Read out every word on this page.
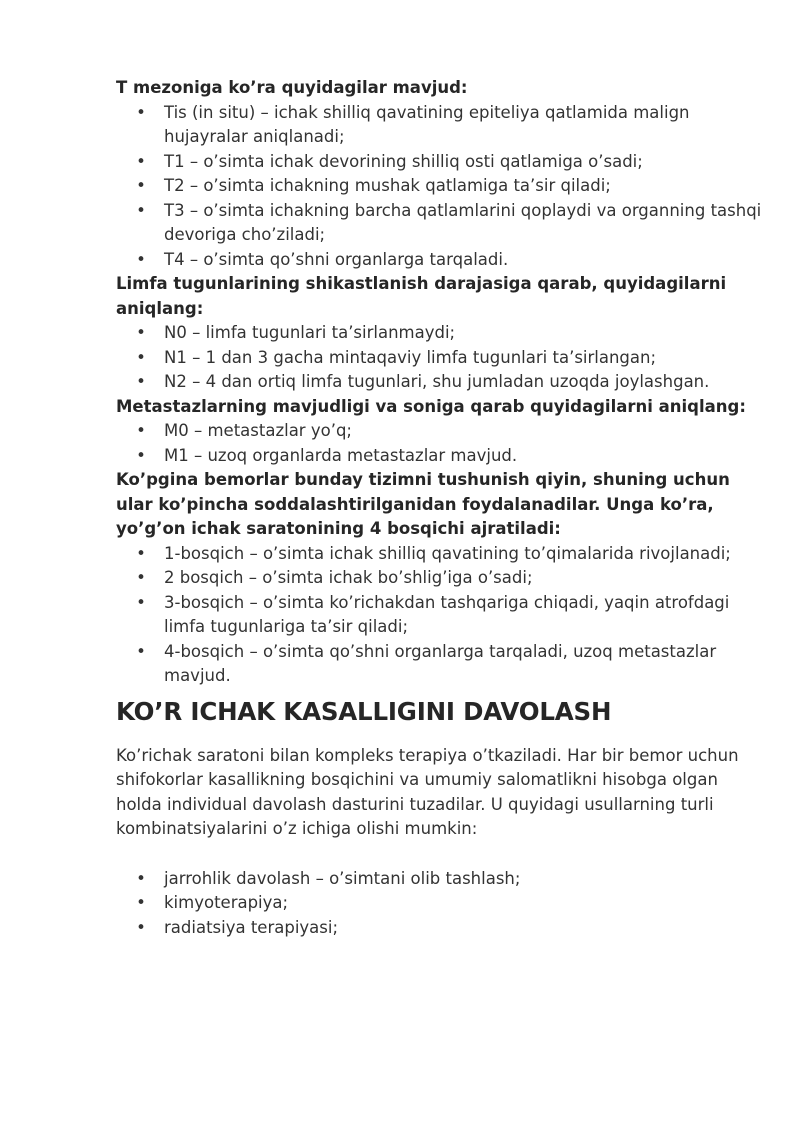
T mezoniga ko’ra quyidagilar mavjud:

• Tis (in situ) – ichak shilliq qavatining epiteliya qatlamida malign hujayralar aniqlanadi;
• T1 – o’simta ichak devorining shilliq osti qatlamiga o’sadi;
• T2 – o’simta ichakning mushak qatlamiga ta’sir qiladi;
• T3 – o’simta ichakning barcha qatlamlarini qoplaydi va organning tashqi devoriga cho’ziladi;
• T4 – o’simta qo’shni organlarga tarqaladi.

Limfa tugunlarining shikastlanish darajasiga qarab, quyidagilarni aniqlang:

• N0 – limfa tugunlari ta’sirlanmaydi;
• N1 – 1 dan 3 gacha mintaqaviy limfa tugunlari ta’sirlangan;
• N2 – 4 dan ortiq limfa tugunlari, shu jumladan uzoqda joylashgan.

Metastazlarning mavjudligi va soniga qarab quyidagilarni aniqlang:

• M0 – metastazlar yo’q;
• M1 – uzoq organlarda metastazlar mavjud.

Ko’pgina bemorlar bunday tizimni tushunish qiyin, shuning uchun ular ko’pincha soddalashtirilganidan foydalanadilar. Unga ko’ra, yo’g’on ichak saratonining 4 bosqichi ajratiladi:

• 1-bosqich – o’simta ichak shilliq qavatining to’qimalarida rivojlanadi;
• 2 bosqich – o’simta ichak bo’shlig’iga o’sadi;
• 3-bosqich – o’simta ko’richakdan tashqariga chiqadi, yaqin atrofdagi limfa tugunlariga ta’sir qiladi;
• 4-bosqich – o’simta qo’shni organlarga tarqaladi, uzoq metastazlar mavjud.
KO’R ICHAK KASALLIGINI DAVOLASH

Ko’richak saratoni bilan kompleks terapiya o’tkaziladi. Har bir bemor uchun shifokorlar kasallikning bosqichini va umumiy salomatlikni hisobga olgan holda individual davolash dasturini tuzadilar. U quyidagi usullarning turli kombinatsiyalarini o’z ichiga olishi mumkin:

• jarrohlik davolash – o’simtani olib tashlash;
• kimyoterapiya;
• radiatsiya terapiyasi;
